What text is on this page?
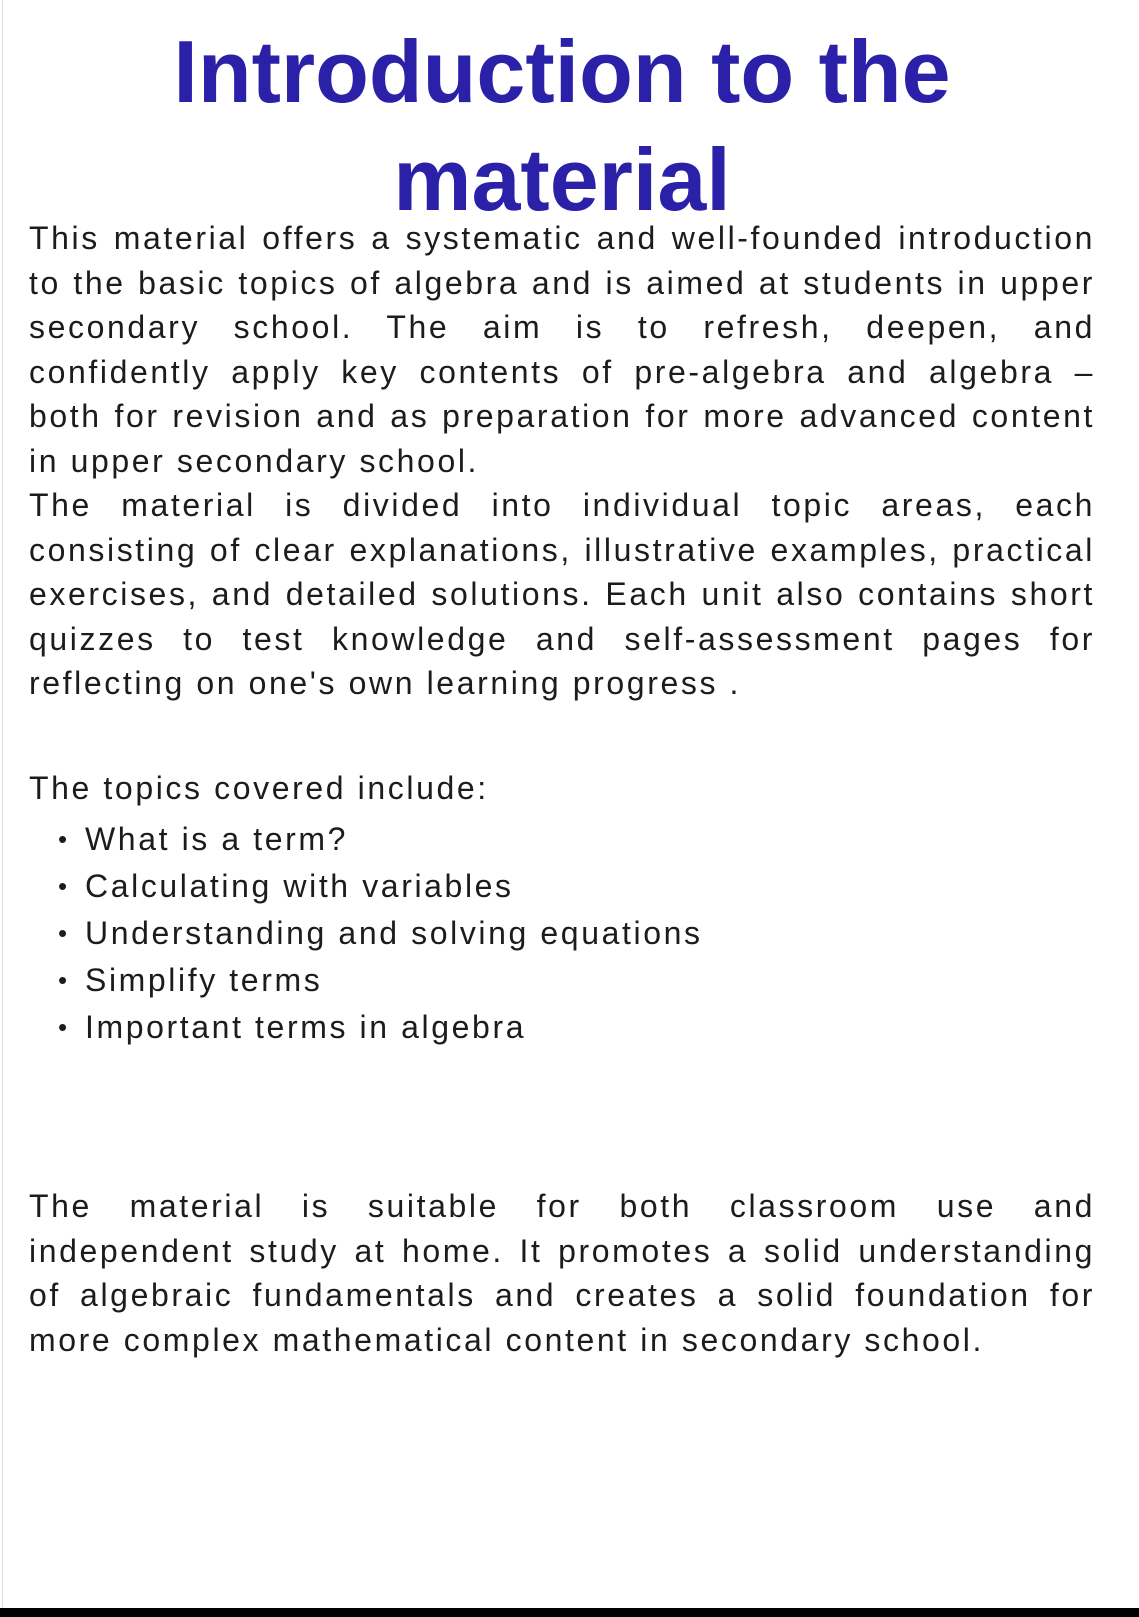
Introduction to the material

This material offers a systematic and well-founded introduction to the basic topics of algebra and is aimed at students in upper secondary school. The aim is to refresh, deepen, and confidently apply key contents of pre-algebra and algebra – both for revision and as preparation for more advanced content in upper secondary school.

The material is divided into individual topic areas, each consisting of clear explanations, illustrative examples, practical exercises, and detailed solutions. Each unit also contains short quizzes to test knowledge and self-assessment pages for reflecting on one's own learning progress .

The topics covered include:

What is a term?
Calculating with variables
Understanding and solving equations
Simplify terms
Important terms in algebra

The material is suitable for both classroom use and independent study at home. It promotes a solid understanding of algebraic fundamentals and creates a solid foundation for more complex mathematical content in secondary school.
